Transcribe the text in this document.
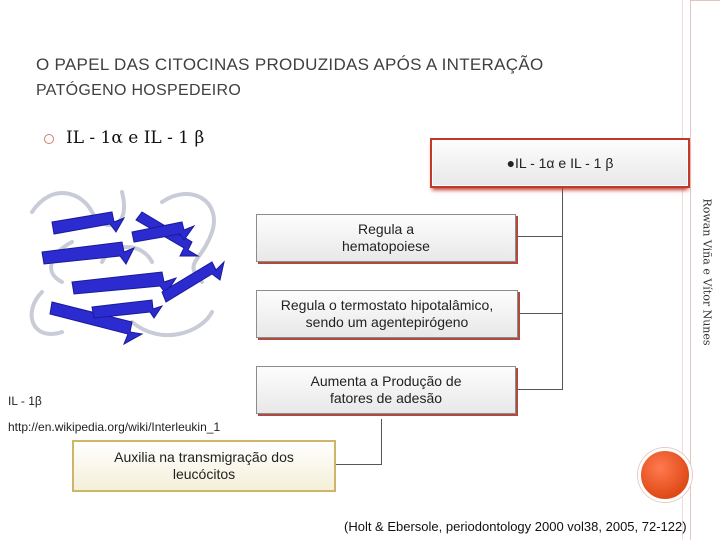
O PAPEL DAS CITOCINAS PRODUZIDAS APÓS A INTERAÇÃO
PATÓGENO HOSPEDEIRO
IL - 1α e IL - 1 β
●IL - 1α e IL - 1 β
Regula a hematopoiese
Regula o termostato hipotalâmico, sendo um agentepirógeno
Aumenta a Produção de fatores de adesão
Auxilia na transmigração dos leucócitos
IL - 1β
http://en.wikipedia.org/wiki/Interleukin_1
Rowan Viña e Vítor Nunes
(Holt & Ebersole, periodontology 2000 vol38, 2005, 72-122)
